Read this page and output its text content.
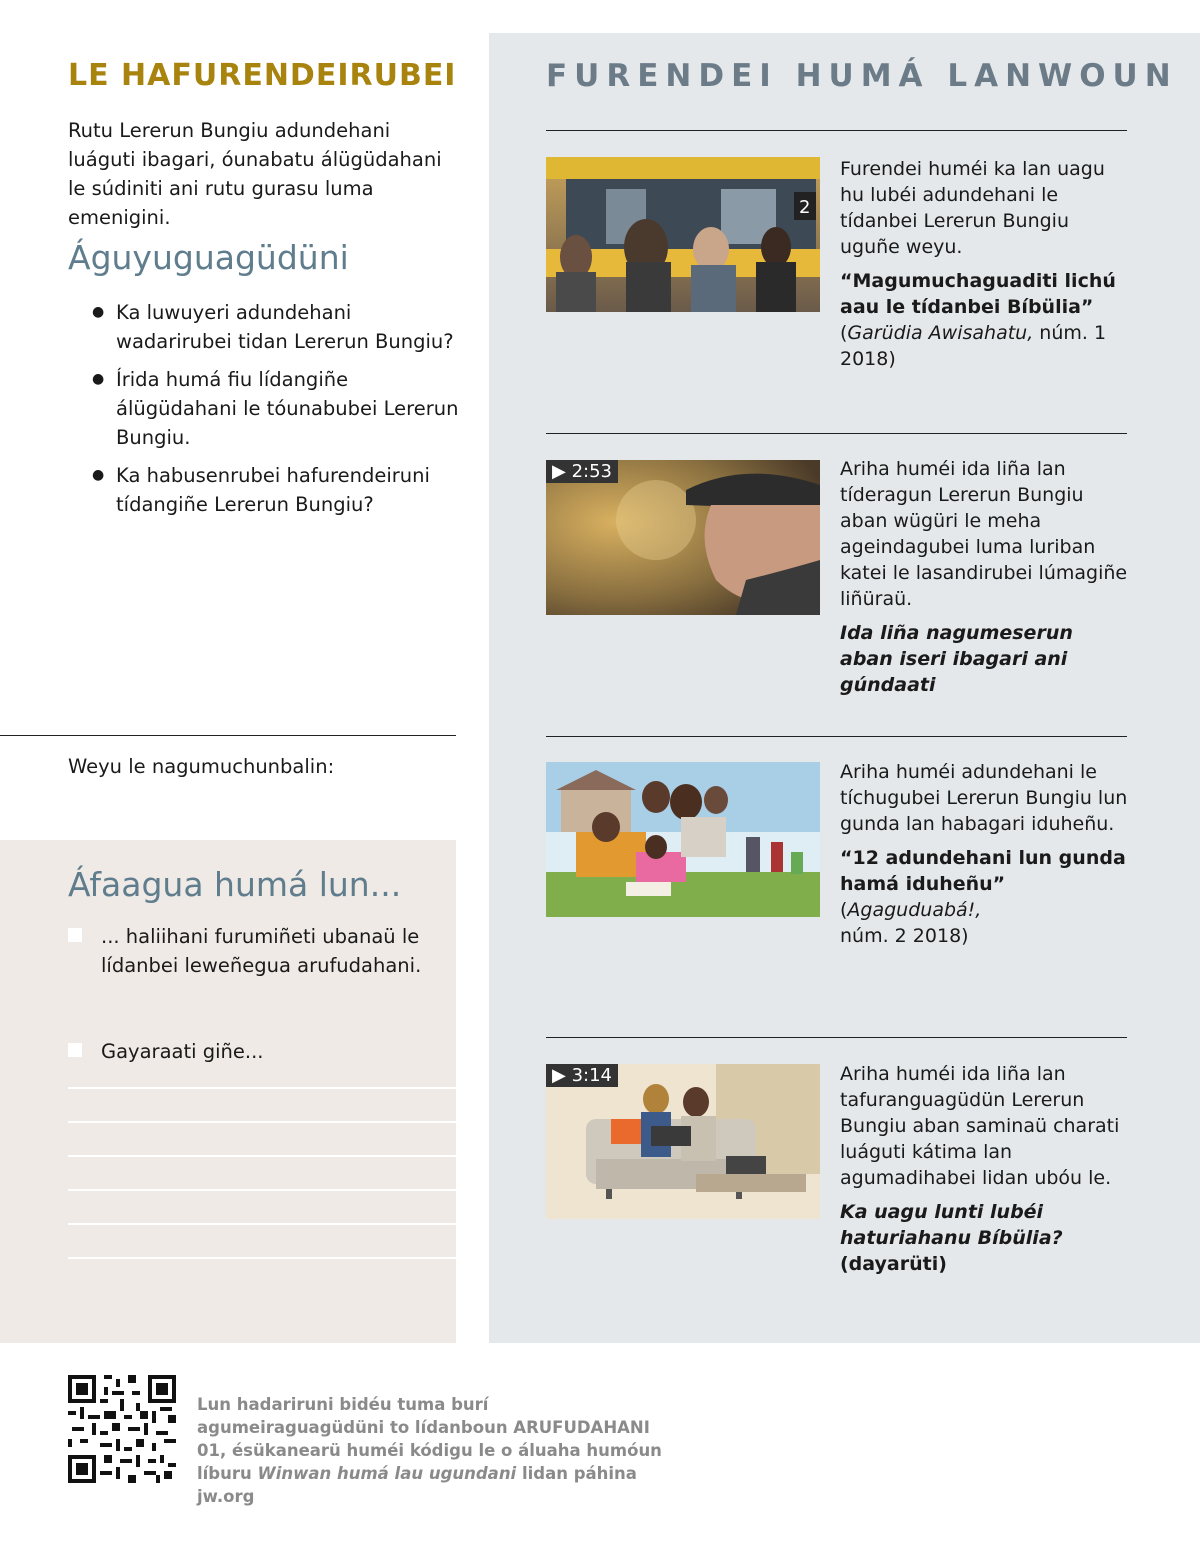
LE HAFURENDEIRUBEI
Rutu Lererun Bungiu adundehani luáguti ibagari, óunabatu álügüdahani le súdiniti ani rutu gurasu luma emenigini.
Águyuguagüdüni
● Ka luwuyeri adundehani wadarirubei tidan Lererun Bungiu?
● Írida humá fiu lídangiñe álügüdahani le tóunabubei Lererun Bungiu.
● Ka habusenrubei hafurendeiruni tídangiñe Lererun Bungiu?
Weyu le nagumuchunbalin:
Áfaagua humá lun...
... haliihani furumiñeti ubanaü le lídanbei leweñegua arufudahani.
Gayaraati giñe...
FURENDEI HUMÁ LANWOUN
2

Furendei huméi ka lan uagu hu lubéi adundehani le tídanbei Lererun Bungiu uguñe weyu.

“Magumuchaguaditi lichú aau le tídanbei Bíbülia”
(Garüdia Awisahatu, núm. 1 2018)

▶ 2:53	Ariha huméi ida liña lan tíderagun Lererun Bungiu aban wügüri le meha ageindagubei luma luriban katei le lasandirubei lúmagiñe liñüraü.

Ida liña nagumeserun aban iseri ibagari ani gúndaati

Ariha huméi adundehani le tíchugubei Lererun Bungiu lun gunda lan habagari iduheñu.

“12 adundehani lun gunda hamá iduheñu” (Agaguduabá!,
núm. 2 2018)

▶ 3:14	Ariha huméi ida liña lan tafuranguagüdün Lererun Bungiu aban saminaü charati luáguti kátima lan agumadihabei lidan ubóu le.

Ka uagu lunti lubéi haturiahanu Bíbülia? (dayarüti)

Lun hadariruni bidéu tuma burí agumeiraguagüdüni to lídanboun ARUFUDAHANI 01, ésükanearü huméi kódigu le o áluaha humóun líburu Winwan humá lau ugundani lidan páhina jw.org
